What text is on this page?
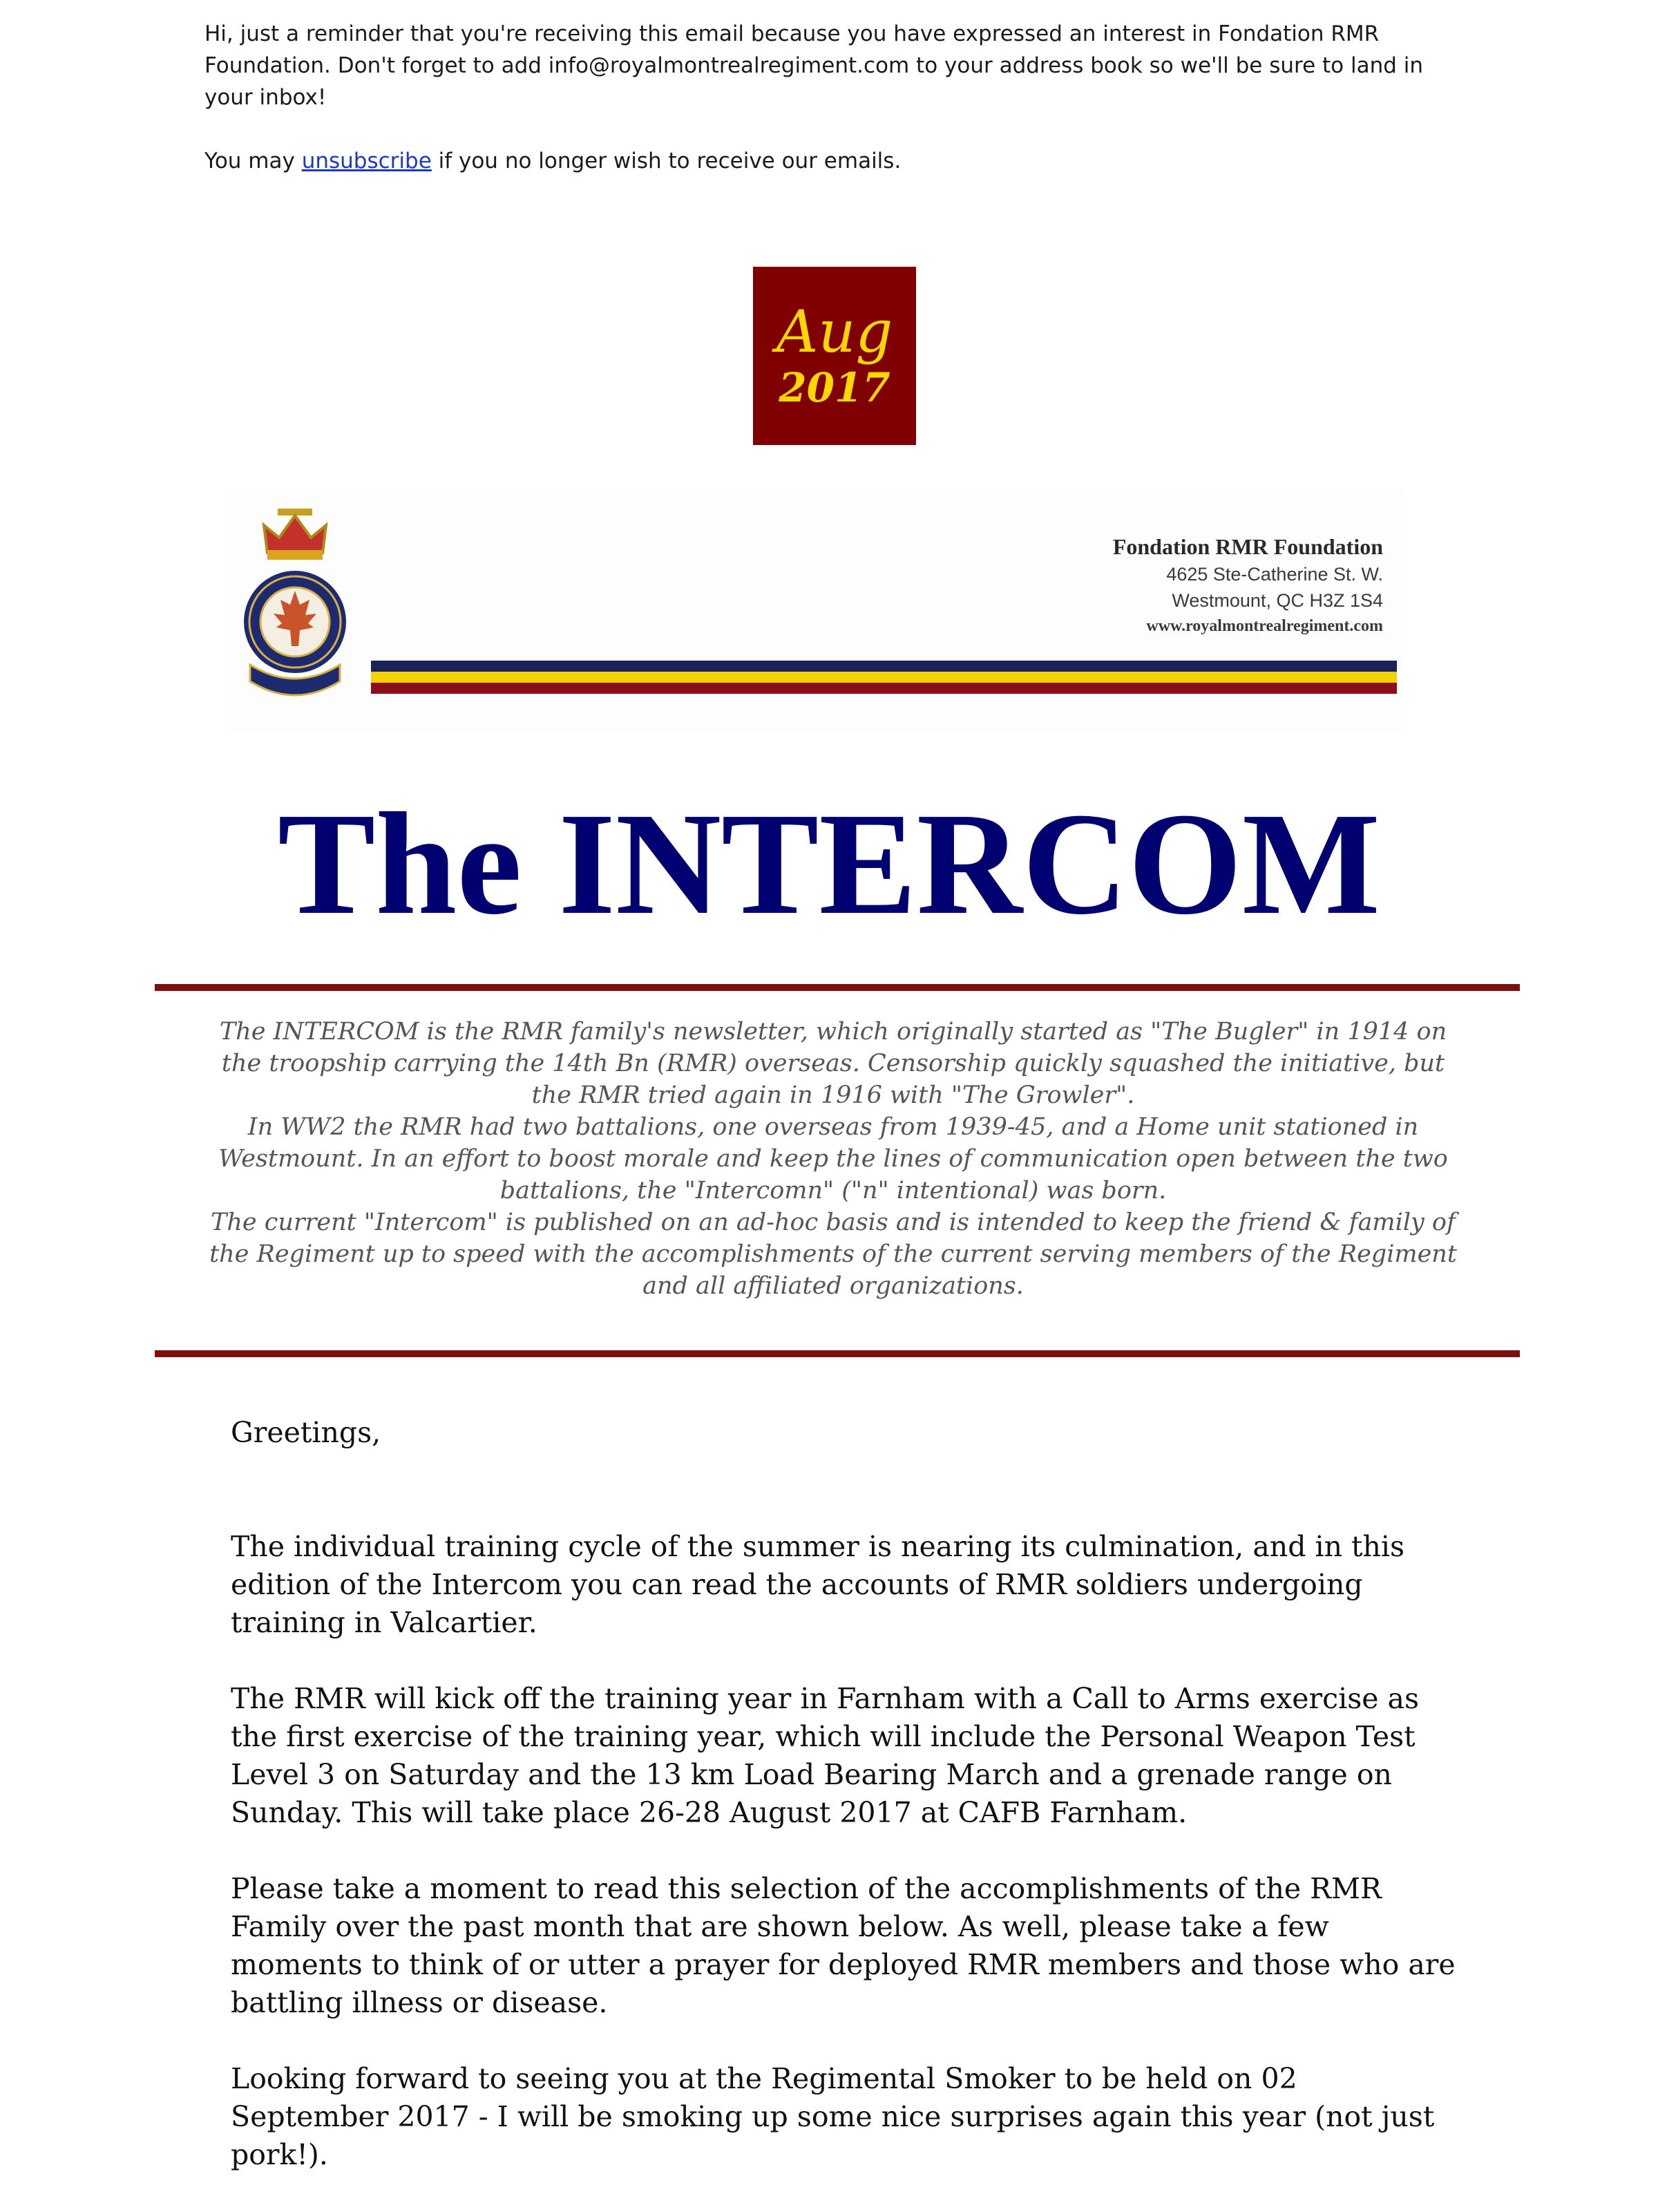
Hi, just a reminder that you're receiving this email because you have expressed an interest in Fondation RMR Foundation. Don't forget to add info@royalmontrealregiment.com to your address book so we'll be sure to land in your inbox!

You may unsubscribe if you no longer wish to receive our emails.

Aug
2017
Fondation RMR Foundation
4625 Ste-Catherine St. W.
Westmount, QC H3Z 1S4
www.royalmontrealregiment.com
The INTERCOM

The INTERCOM is the RMR family's newsletter, which originally started as "The Bugler" in 1914 on the troopship carrying the 14th Bn (RMR) overseas. Censorship quickly squashed the initiative, but the RMR tried again in 1916 with "The Growler".

In WW2 the RMR had two battalions, one overseas from 1939-45, and a Home unit stationed in Westmount. In an effort to boost morale and keep the lines of communication open between the two battalions, the "Intercomn" ("n" intentional) was born.

The current "Intercom" is published on an ad-hoc basis and is intended to keep the friend & family of the Regiment up to speed with the accomplishments of the current serving members of the Regiment and all affiliated organizations.

Greetings,

The individual training cycle of the summer is nearing its culmination, and in this edition of the Intercom you can read the accounts of RMR soldiers undergoing training in Valcartier.

The RMR will kick off the training year in Farnham with a Call to Arms exercise as the first exercise of the training year, which will include the Personal Weapon Test Level 3 on Saturday and the 13 km Load Bearing March and a grenade range on Sunday. This will take place 26-28 August 2017 at CAFB Farnham.

Please take a moment to read this selection of the accomplishments of the RMR Family over the past month that are shown below. As well, please take a few moments to think of or utter a prayer for deployed RMR members and those who are battling illness or disease.

Looking forward to seeing you at the Regimental Smoker to be held on 02 September 2017 - I will be smoking up some nice surprises again this year (not just pork!).
